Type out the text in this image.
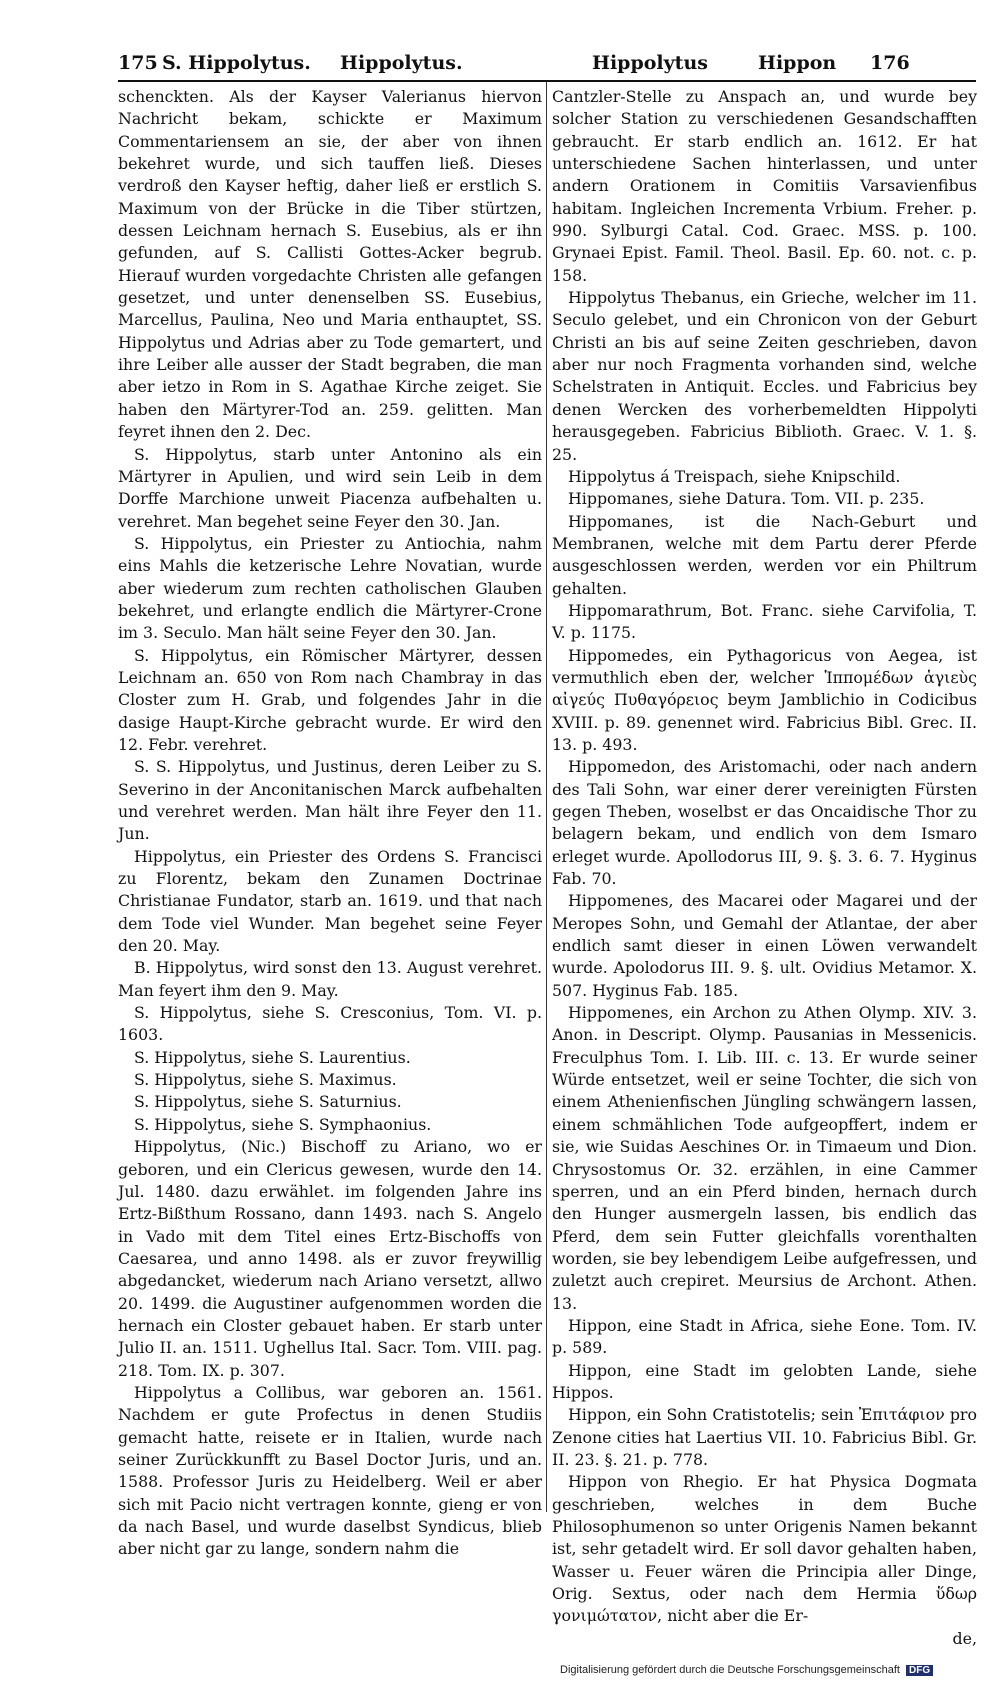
175 S. Hippolytus. Hippolytus.	Hippolytus	Hippon 176

schenckten. Als der Kayser Valerianus hiervon Nachricht bekam, schickte er Maximum Commentariensem an sie, der aber von ihnen bekehret wurde, und sich tauffen ließ. Dieses verdroß den Kayser heftig, daher ließ er erstlich S. Maximum von der Brücke in die Tiber stürtzen, dessen Leichnam hernach S. Eusebius, als er ihn gefunden, auf S. Callisti Gottes-Acker begrub. Hierauf wurden vorgedachte Christen alle gefangen gesetzet, und unter denenselben SS. Eusebius, Marcellus, Paulina, Neo und Maria enthauptet, SS. Hippolytus und Adrias aber zu Tode gemartert, und ihre Leiber alle ausser der Stadt begraben, die man aber ietzo in Rom in S. Agathae Kirche zeiget. Sie haben den Märtyrer-Tod an. 259. gelitten. Man feyret ihnen den 2. Dec.

S. Hippolytus, starb unter Antonino als ein Märtyrer in Apulien, und wird sein Leib in dem Dorffe Marchione unweit Piacenza aufbehalten u. verehret. Man begehet seine Feyer den 30. Jan.

S. Hippolytus, ein Priester zu Antiochia, nahm eins Mahls die ketzerische Lehre Novatian, wurde aber wiederum zum rechten catholischen Glauben bekehret, und erlangte endlich die Märtyrer-Crone im 3. Seculo. Man hält seine Feyer den 30. Jan.

S. Hippolytus, ein Römischer Märtyrer, dessen Leichnam an. 650 von Rom nach Chambray in das Closter zum H. Grab, und folgendes Jahr in die dasige Haupt-Kirche gebracht wurde. Er wird den 12. Febr. verehret.

S. S. Hippolytus, und Justinus, deren Leiber zu S. Severino in der Anconitanischen Marck aufbehalten und verehret werden. Man hält ihre Feyer den 11. Jun.

Hippolytus, ein Priester des Ordens S. Francisci zu Florentz, bekam den Zunamen Doctrinae Christianae Fundator, starb an. 1619. und that nach dem Tode viel Wunder. Man begehet seine Feyer den 20. May.

B. Hippolytus, wird sonst den 13. August verehret. Man feyert ihm den 9. May.

S. Hippolytus, siehe S. Cresconius, Tom. VI. p. 1603.

S. Hippolytus, siehe S. Laurentius.

S. Hippolytus, siehe S. Maximus.

S. Hippolytus, siehe S. Saturnius.

S. Hippolytus, siehe S. Symphaonius.

Hippolytus, (Nic.) Bischoff zu Ariano, wo er geboren, und ein Clericus gewesen, wurde den 14. Jul. 1480. dazu erwählet. im folgenden Jahre ins Ertz-Bißthum Rossano, dann 1493. nach S. Angelo in Vado mit dem Titel eines Ertz-Bischoffs von Caesarea, und anno 1498. als er zuvor freywillig abgedancket, wiederum nach Ariano versetzt, allwo 20. 1499. die Augustiner aufgenommen worden die hernach ein Closter gebauet haben. Er starb unter Julio II. an. 1511. Ughellus Ital. Sacr. Tom. VIII. pag. 218. Tom. IX. p. 307.

Hippolytus a Collibus, war geboren an. 1561. Nachdem er gute Profectus in denen Studiis gemacht hatte, reisete er in Italien, wurde nach seiner Zurückkunfft zu Basel Doctor Juris, und an. 1588. Professor Juris zu Heidelberg. Weil er aber sich mit Pacio nicht vertragen konnte, gieng er von da nach Basel, und wurde daselbst Syndicus, blieb aber nicht gar zu lange, sondern nahm die

Cantzler-Stelle zu Anspach an, und wurde bey solcher Station zu verschiedenen Gesandschafften gebraucht. Er starb endlich an. 1612. Er hat unterschiedene Sachen hinterlassen, und unter andern Orationem in Comitiis Varsavienfibus habitam. Ingleichen Incrementa Vrbium. Freher. p. 990. Sylburgi Catal. Cod. Graec. MSS. p. 100. Grynaei Epist. Famil. Theol. Basil. Ep. 60. not. c. p. 158.

Hippolytus Thebanus, ein Grieche, welcher im 11. Seculo gelebet, und ein Chronicon von der Geburt Christi an bis auf seine Zeiten geschrieben, davon aber nur noch Fragmenta vorhanden sind, welche Schelstraten in Antiquit. Eccles. und Fabricius bey denen Wercken des vorherbemeldten Hippolyti herausgegeben. Fabricius Biblioth. Graec. V. 1. §. 25.

Hippolytus á Treispach, siehe Knipschild.

Hippomanes, siehe Datura. Tom. VII. p. 235.

Hippomanes, ist die Nach-Geburt und Membranen, welche mit dem Partu derer Pferde ausgeschlossen werden, werden vor ein Philtrum gehalten.

Hippomarathrum, Bot. Franc. siehe Carvifolia, T. V. p. 1175.

Hippomedes, ein Pythagoricus von Aegea, ist vermuthlich eben der, welcher Ἱππομέδων ἁγιεὺς αἰγεύς Πυθαγόρειος beym Jamblichio in Codicibus XVIII. p. 89. genennet wird. Fabricius Bibl. Grec. II. 13. p. 493.

Hippomedon, des Aristomachi, oder nach andern des Tali Sohn, war einer derer vereinigten Fürsten gegen Theben, woselbst er das Oncaidische Thor zu belagern bekam, und endlich von dem Ismaro erleget wurde. Apollodorus III, 9. §. 3. 6. 7. Hyginus Fab. 70.

Hippomenes, des Macarei oder Magarei und der Meropes Sohn, und Gemahl der Atlantae, der aber endlich samt dieser in einen Löwen verwandelt wurde. Apolodorus III. 9. §. ult. Ovidius Metamor. X. 507. Hyginus Fab. 185.

Hippomenes, ein Archon zu Athen Olymp. XIV. 3. Anon. in Descript. Olymp. Pausanias in Messenicis. Freculphus Tom. I. Lib. III. c. 13. Er wurde seiner Würde entsetzet, weil er seine Tochter, die sich von einem Athenienfischen Jüngling schwängern lassen, einem schmählichen Tode aufgeopffert, indem er sie, wie Suidas Aeschines Or. in Timaeum und Dion. Chrysostomus Or. 32. erzählen, in eine Cammer sperren, und an ein Pferd binden, hernach durch den Hunger ausmergeln lassen, bis endlich das Pferd, dem sein Futter gleichfalls vorenthalten worden, sie bey lebendigem Leibe aufgefressen, und zuletzt auch crepiret. Meursius de Archont. Athen. 13.

Hippon, eine Stadt in Africa, siehe Eone. Tom. IV. p. 589.

Hippon, eine Stadt im gelobten Lande, siehe Hippos.

Hippon, ein Sohn Cratistotelis; sein Ἐπιτάφιον pro Zenone cities hat Laertius VII. 10. Fabricius Bibl. Gr. II. 23. §. 21. p. 778.

Hippon von Rhegio. Er hat Physica Dogmata geschrieben, welches in dem Buche Philosophumenon so unter Origenis Namen bekannt ist, sehr getadelt wird. Er soll davor gehalten haben, Wasser u. Feuer wären die Principia aller Dinge, Orig. Sextus, oder nach dem Hermia ὕδωρ γονιμώτατον, nicht aber die Er-

de,

Digitalisierung gefördert durch die Deutsche Forschungsgemeinschaft DFG
